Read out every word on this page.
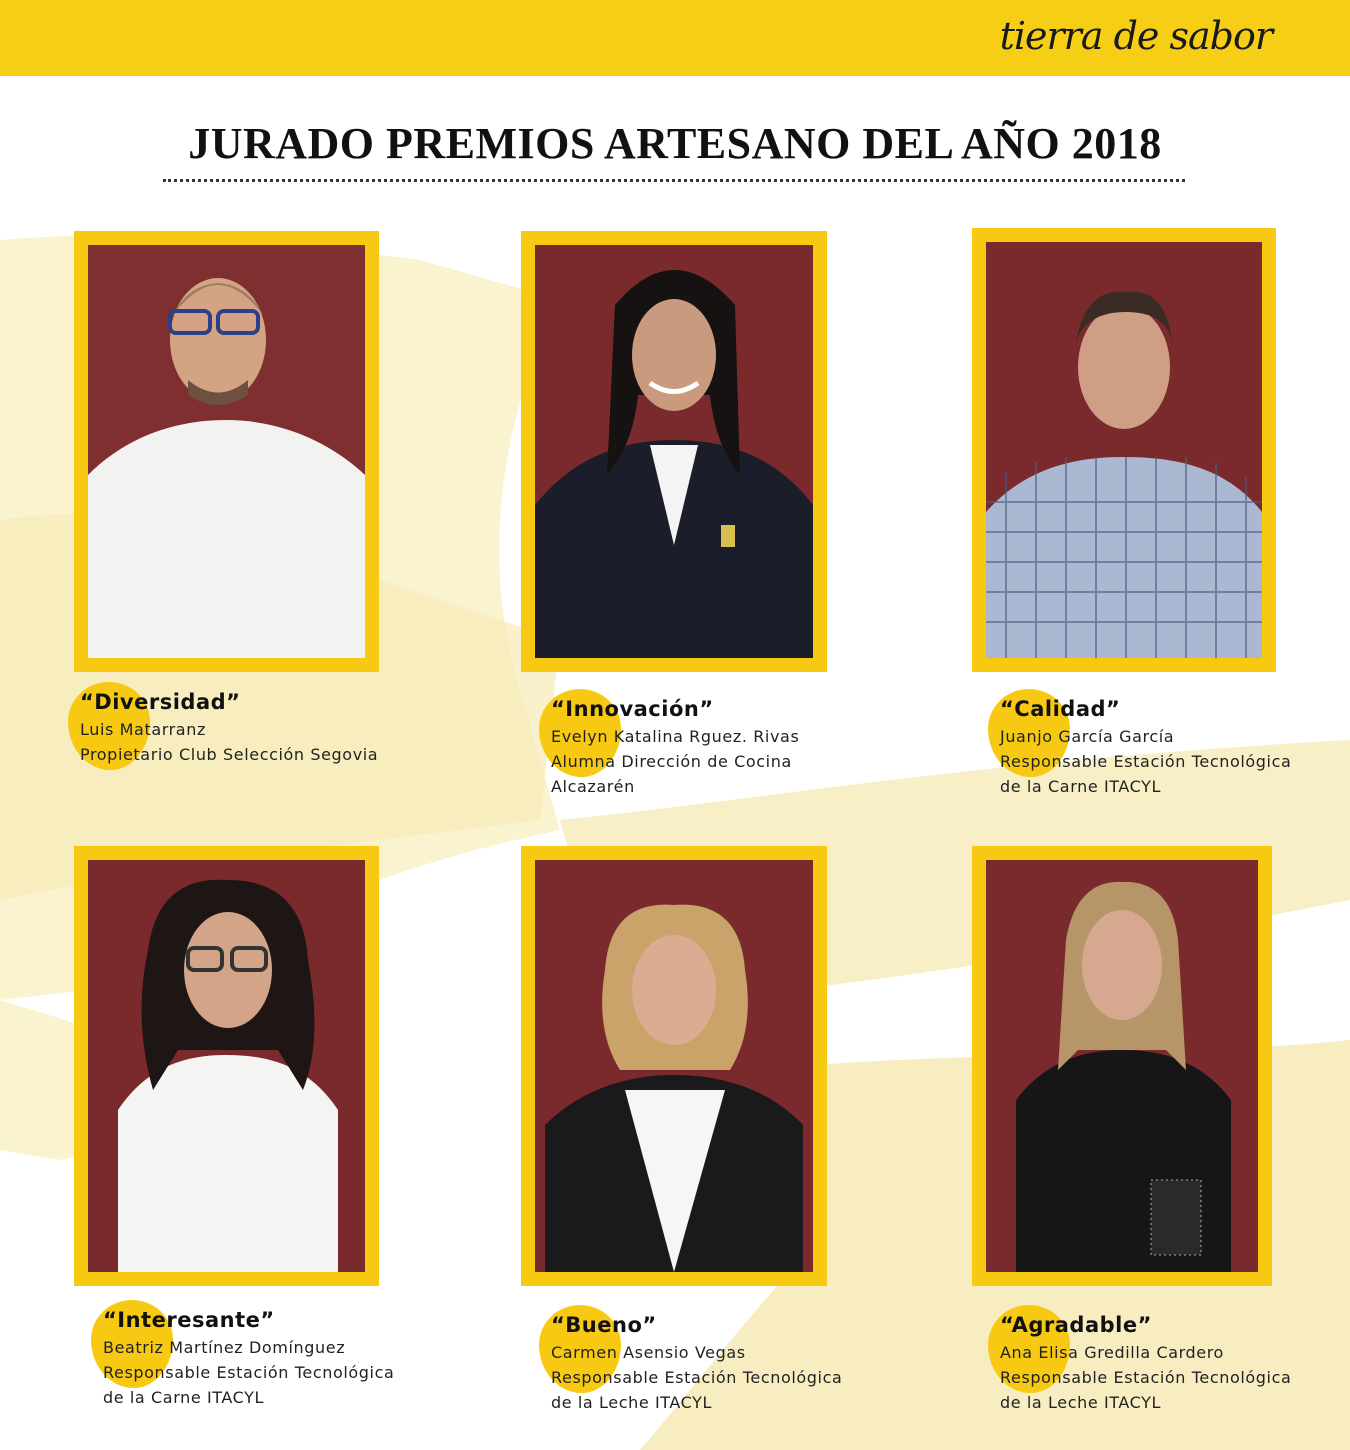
tierra de sabor
JURADO PREMIOS ARTESANO DEL AÑO 2018
“Diversidad”
Luis Matarranz
Propietario Club Selección Segovia
“Innovación”
Evelyn Katalina Rguez. Rivas
Alumna Dirección de Cocina
Alcazarén
“Calidad”
Juanjo García García
Responsable Estación Tecnológica
de la Carne ITACYL
“Interesante”
Beatriz Martínez Domínguez
Responsable Estación Tecnológica
de la Carne ITACYL
“Bueno”
Carmen Asensio Vegas
Responsable Estación Tecnológica
de la Leche ITACYL
“Agradable”
Ana Elisa Gredilla Cardero
Responsable Estación Tecnológica
de la Leche ITACYL
